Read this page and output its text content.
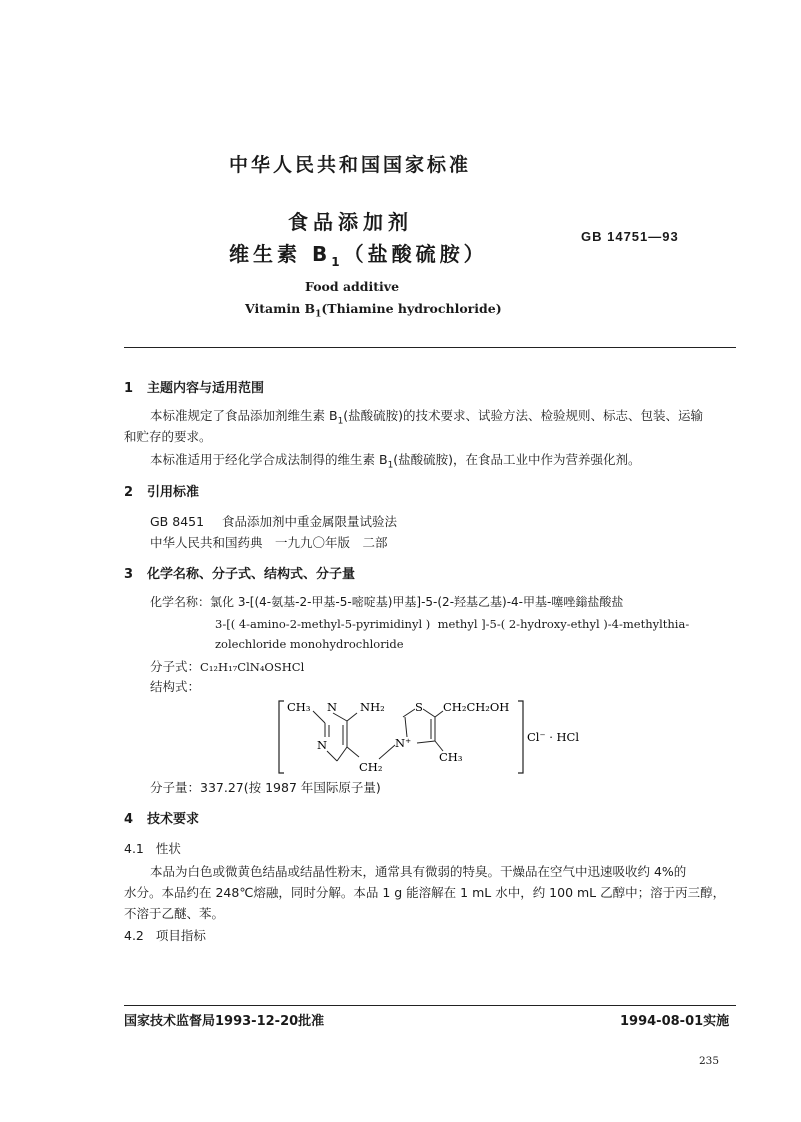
中华人民共和国国家标准
食品添加剂
维生素 $B_1$（盐酸硫胺）
GB 14751—93
Food additive
Vitamin $B_1(Thiamine$ hydrochloride)
1 主题内容与适用范围
本标准规定了食品添加剂维生素 $B_1$(盐酸硫胺)的技术要求、试验方法、检验规则、标志、包装、运输
和贮存的要求。
本标准适用于经化学合成法制得的维生素 $B_1$(盐酸硫胺)，在食品工业中作为营养强化剂。
2 引用标准
GB 8451 食品添加剂中重金属限量试验法
中华人民共和国药典　一九九〇年版　二部
3 化学名称、分子式、结构式、分子量
化学名称：氯化 3-[(4-氨基-2-甲基-5-嘧啶基)甲基]-5-(2-羟基乙基)-4-甲基-噻唑鎓盐酸盐
3-[( 4-amino-2-methyl-5-pyrimidinyl )  methyl ]-5-( 2-hydroxy-ethyl )-4-methylthia-
zolechloride monohydrochloride
分子式：C₁₂H₁₇ClN₄OSHCl
结构式：
CH₃ N NH₂	S CH₂CH₂OH
N	N⁺
CH₂
CH₃
Cl⁻ · HCl
分子量：337.27(按 1987 年国际原子量)
4 技术要求
4.1 性状
本品为白色或微黄色结晶或结晶性粉末，通常具有微弱的特臭。干燥品在空气中迅速吸收约 4%的
水分。本品约在 248℃熔融，同时分解。本品 1 g 能溶解在 1 mL 水中，约 100 mL 乙醇中；溶于丙三醇，
不溶于乙醚、苯。
4.2 项目指标
国家技术监督局1993-12-20批准	1994-08-01实施
235
